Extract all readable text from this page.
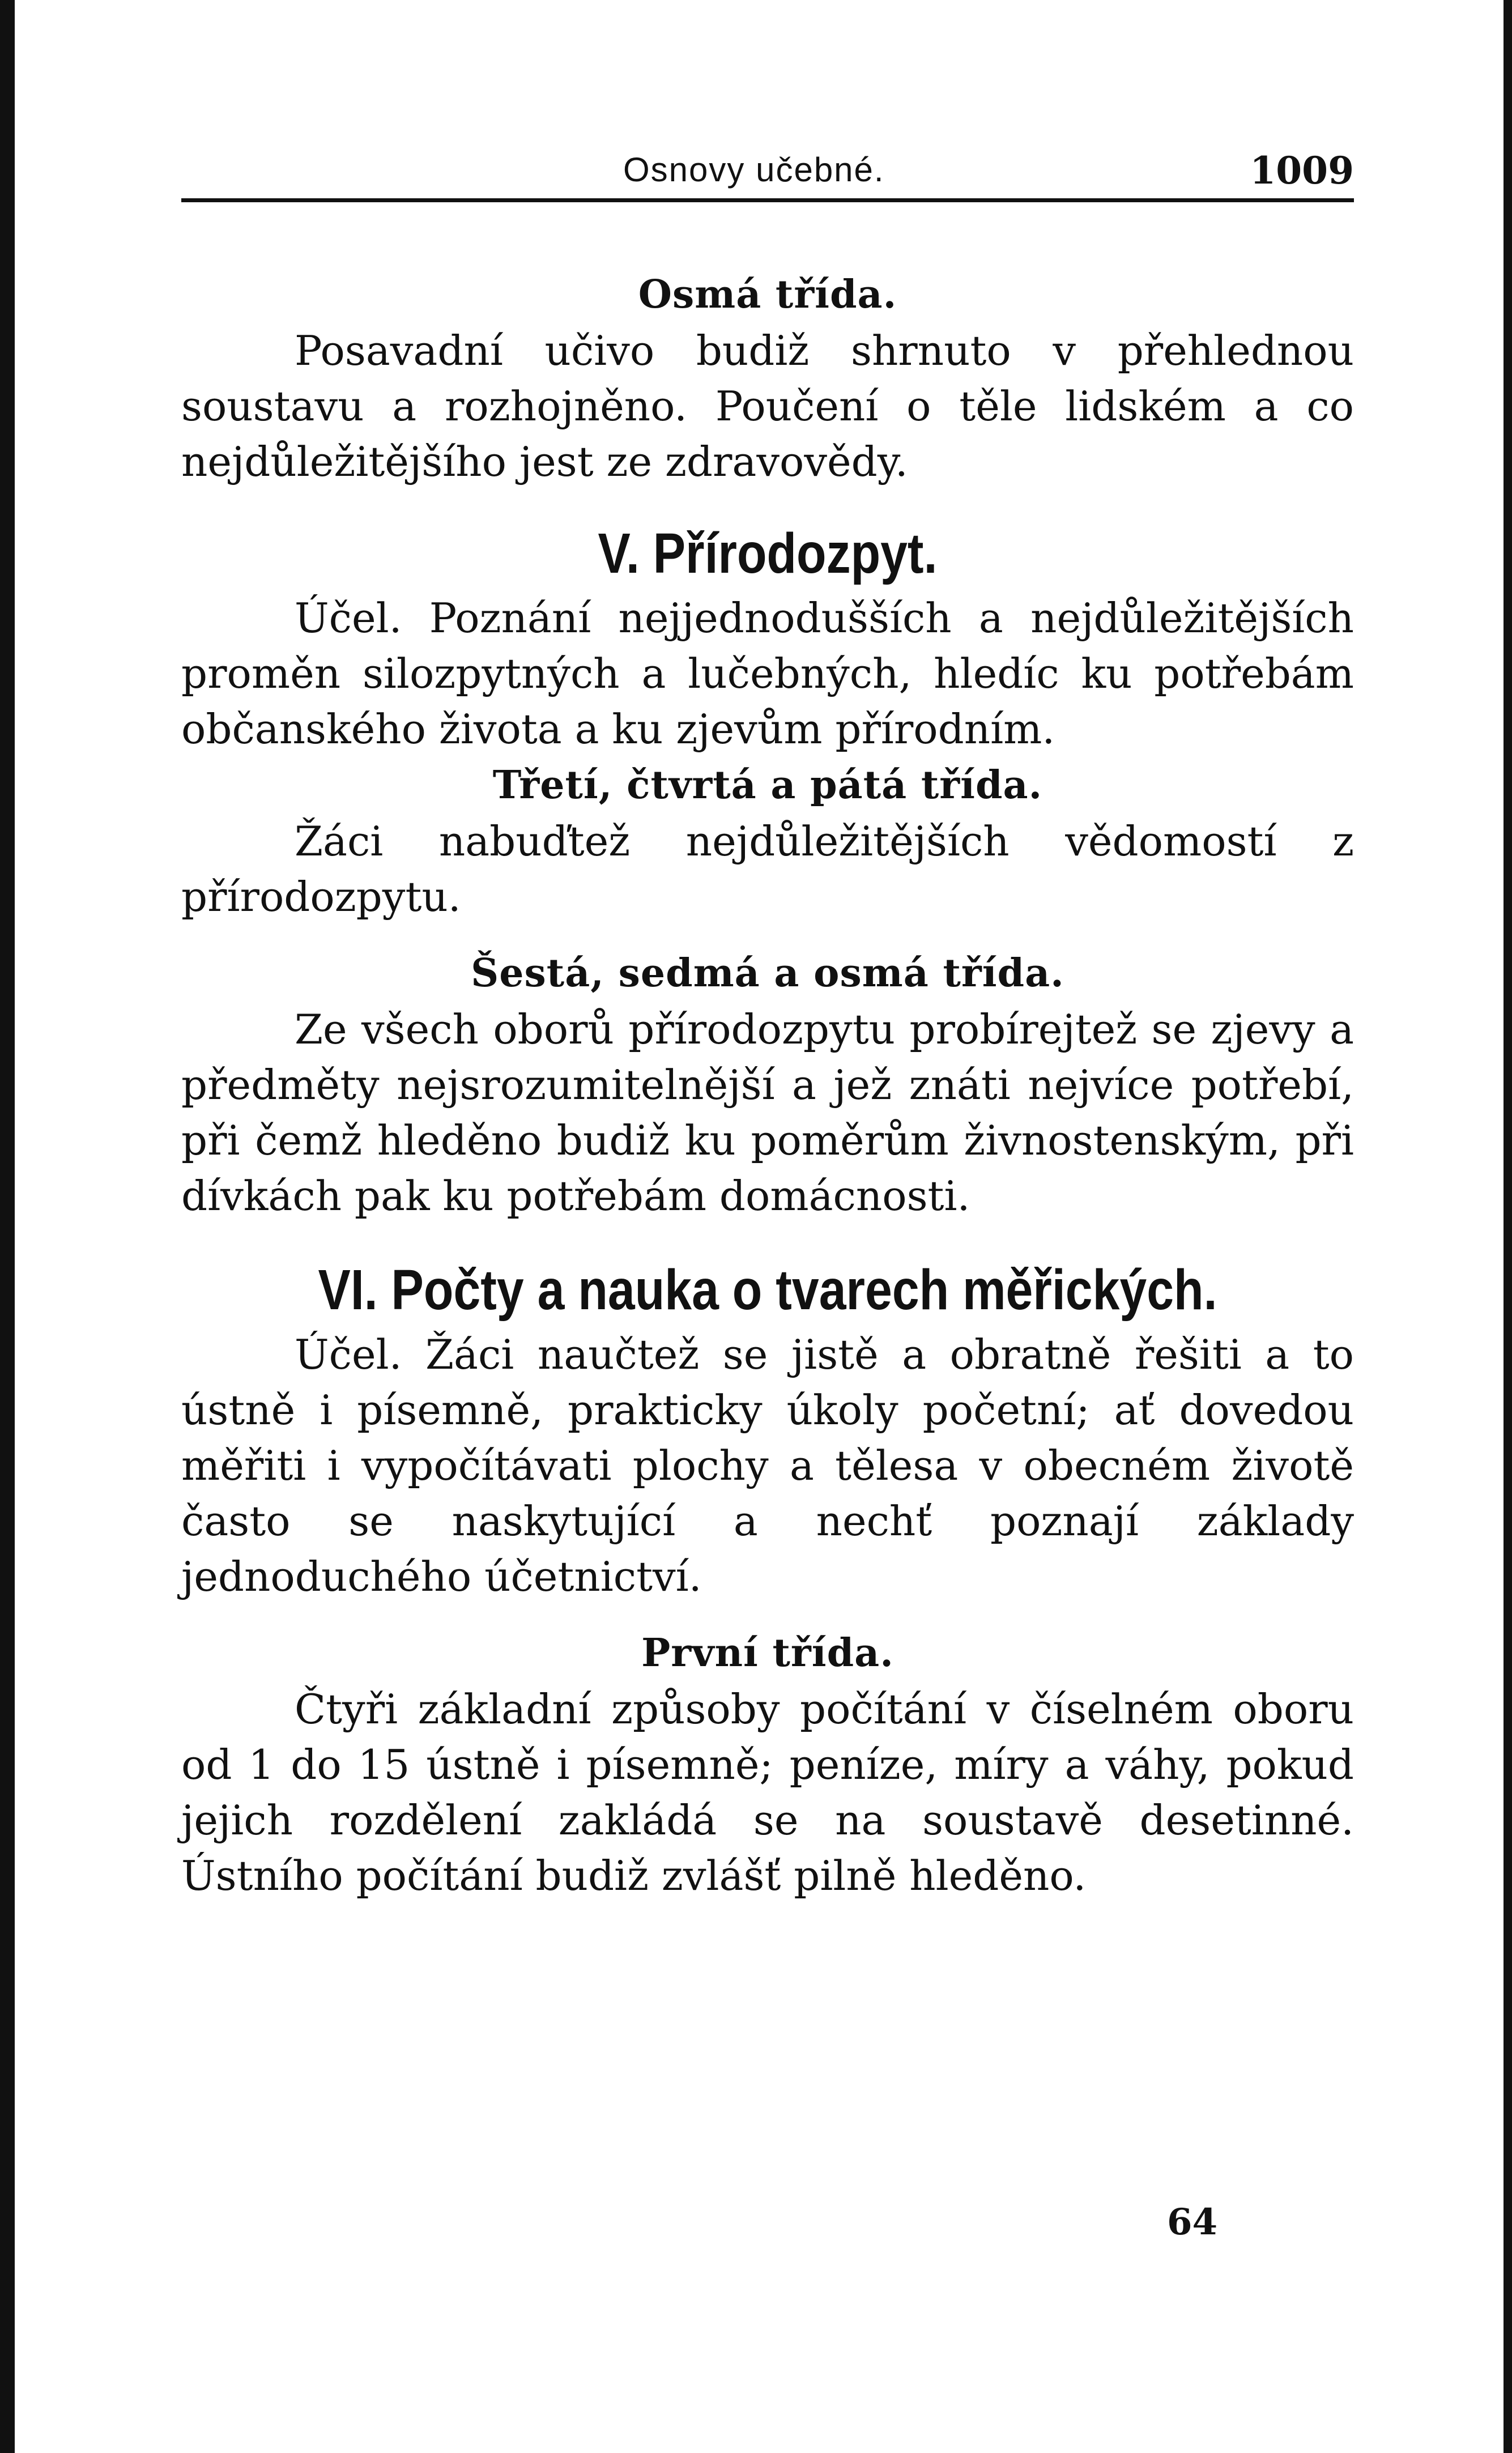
Osnovy učebné.	1009

Osmá třída.

Posavadní učivo budiž shrnuto v přehlednou soustavu a rozhojněno. Poučení o těle lidském a co nejdůležitějšího jest ze zdravovědy.

V. Přírodozpyt.

Účel. Poznání nejjednodušších a nejdůležitějších proměn silozpytných a lučebných, hledíc ku potřebám občanského života a ku zjevům přírodním.

Třetí, čtvrtá a pátá třída.

Žáci nabuďtež nejdůležitějších vědomostí z přírodozpytu.

Šestá, sedmá a osmá třída.

Ze všech oborů přírodozpytu probírejtež se zjevy a předměty nejsrozumitelnější a jež znáti nejvíce potřebí, při čemž hleděno budiž ku poměrům živnostenským, při dívkách pak ku potřebám domácnosti.

VI. Počty a nauka o tvarech měřických.

Účel. Žáci naučtež se jistě a obratně řešiti a to ústně i písemně, prakticky úkoly početní; ať dovedou měřiti i vypočítávati plochy a tělesa v obecném životě často se naskytující a nechť poznají základy jednoduchého účetnictví.

První třída.

Čtyři základní způsoby počítání v číselném oboru od 1 do 15 ústně i písemně; peníze, míry a váhy, pokud jejich rozdělení zakládá se na soustavě desetinné. Ústního počítání budiž zvlášť pilně hleděno.

64
